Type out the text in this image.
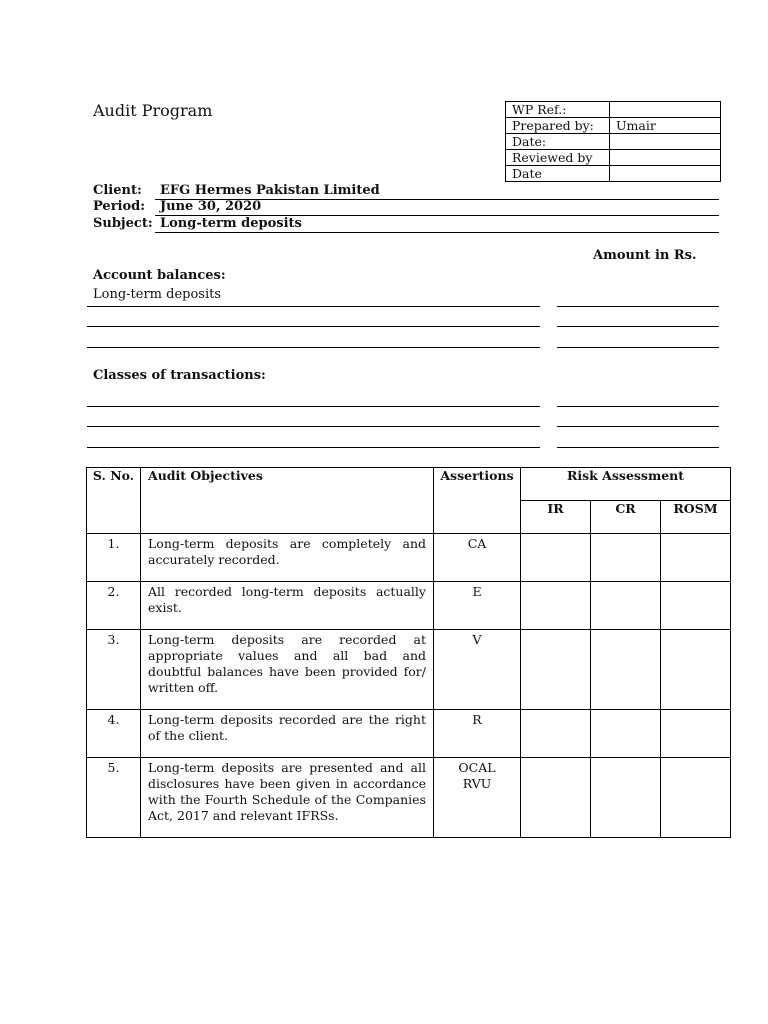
Audit Program	WP Ref.:	
Prepared by:	Umair
Date:	
Reviewed by	
Date	
Client: EFG Hermes Pakistan Limited
Period: June 30, 2020
Subject: Long-term deposits
Amount in Rs.
Account balances:
Long-term deposits
Classes of transactions:
S. No.	Audit Objectives	Assertions	Risk Assessment		
			IR	CR	ROSM
1.	Long-term deposits are completely and accurately recorded.	CA			
2.	All recorded long-term deposits actually exist.	E			
3.	Long-term deposits are recorded at appropriate values and all bad and doubtful balances have been provided for/ written off.	V			
4.	Long-term deposits recorded are the right of the client.	R			
5.	Long-term deposits are presented and all disclosures have been given in accordance with the Fourth Schedule of the Companies Act, 2017 and relevant IFRSs.	OCAL
RVU			
